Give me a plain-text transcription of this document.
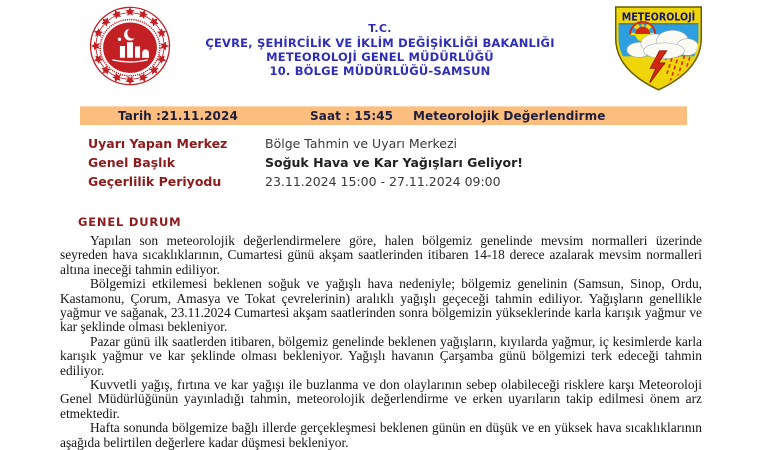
T.C.
ÇEVRE, ŞEHİRCİLİK VE İKLİM DEĞİŞİKLİĞİ BAKANLIĞI
METEOROLOJİ GENEL MÜDÜRLÜĞÜ
10. BÖLGE MÜDÜRLÜĞÜ-SAMSUN
METEOROLOJİ
Tarih :21.11.2024	Saat : 15:45 Meteorolojik Değerlendirme
Uyarı Yapan Merkez	Bölge Tahmin ve Uyarı Merkezi
Genel Başlık	Soğuk Hava ve Kar Yağışları Geliyor!
Geçerlilik Periyodu	23.11.2024 15:00 - 27.11.2024 09:00
GENEL DURUM

Yapılan son meteorolojik değerlendirmelere göre, halen bölgemiz genelinde mevsim normalleri üzerinde seyreden hava sıcaklıklarının, Cumartesi günü akşam saatlerinden itibaren 14-18 derece azalarak mevsim normalleri altına ineceği tahmin ediliyor.

Bölgemizi etkilemesi beklenen soğuk ve yağışlı hava nedeniyle; bölgemiz genelinin (Samsun, Sinop, Ordu, Kastamonu, Çorum, Amasya ve Tokat çevrelerinin) aralıklı yağışlı geçeceği tahmin ediliyor. Yağışların genellikle yağmur ve sağanak, 23.11.2024 Cumartesi akşam saatlerinden sonra bölgemizin yükseklerinde karla karışık yağmur ve kar şeklinde olması bekleniyor.

Pazar günü ilk saatlerden itibaren, bölgemiz genelinde beklenen yağışların, kıyılarda yağmur, iç kesimlerde karla karışık yağmur ve kar şeklinde olması bekleniyor. Yağışlı havanın Çarşamba günü bölgemizi terk edeceği tahmin ediliyor.

Kuvvetli yağış, fırtına ve kar yağışı ile buzlanma ve don olaylarının sebep olabileceği risklere karşı Meteoroloji Genel Müdürlüğünün yayınladığı tahmin, meteorolojik değerlendirme ve erken uyarıların takip edilmesi önem arz etmektedir.

Hafta sonunda bölgemize bağlı illerde gerçekleşmesi beklenen günün en düşük ve en yüksek hava sıcaklıklarının aşağıda belirtilen değerlere kadar düşmesi bekleniyor.
